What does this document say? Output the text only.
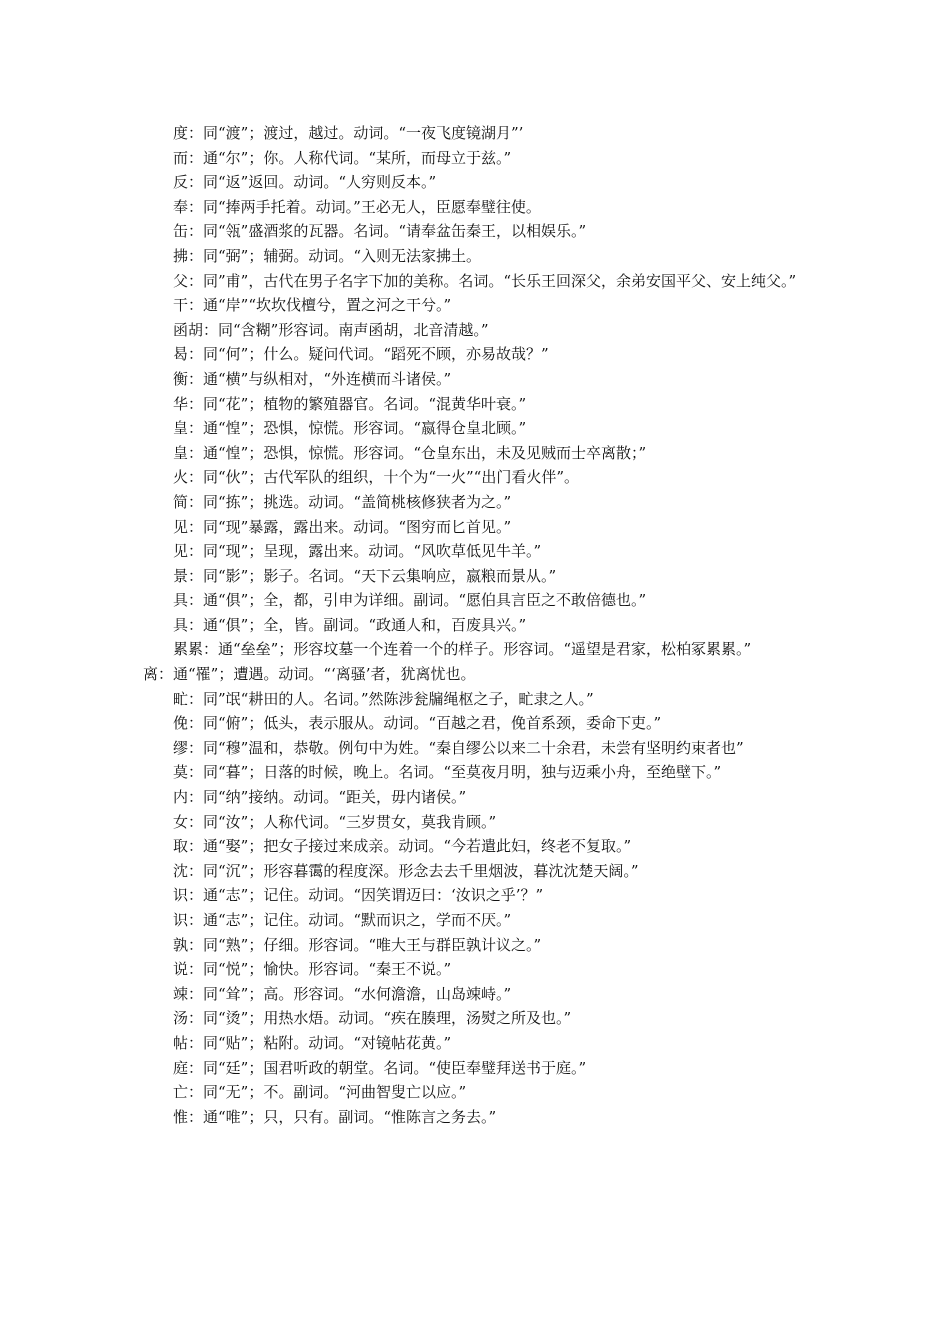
度：同“渡”；渡过，越过。动词。“一夜飞度镜湖月”’

而：通“尔”；你。人称代词。“某所，而母立于兹。”

反：同“返”返回。动词。“人穷则反本。”

奉：同“捧两手托着。动词。”王必无人，臣愿奉璧往使。

缶：同“瓴”盛酒浆的瓦器。名词。“请奉盆缶秦王，以相娱乐。”

拂：同“弼”；辅弼。动词。“入则无法家拂土。

父：同”甫”，古代在男子名字下加的美称。名词。“长乐王回深父，余弟安国平父、安上纯父。”

干：通“岸”“坎坎伐檀兮，置之河之干兮。”

函胡：同“含糊”形容词。南声函胡，北音清越。”

曷：同“何”；什么。疑问代词。“蹈死不顾，亦易故哉？”

衡：通“横”与纵相对，“外连横而斗诸侯。”

华：同“花”；植物的繁殖器官。名词。“混黄华叶衰。”

皇：通“惶”；恐惧，惊慌。形容词。“嬴得仓皇北顾。”

皇：通“惶”；恐惧，惊慌。形容词。“仓皇东出，未及见贼而士卒离散；”

火：同“伙”；古代军队的组织，十个为“一火”“出门看火伴”。

简：同“拣”；挑选。动词。“盖简桃核修狭者为之。”

见：同“现”暴露，露出来。动词。“图穷而匕首见。”

见：同“现”；呈现，露出来。动词。“风吹草低见牛羊。”

景：同“影”；影子。名词。“天下云集响应，嬴粮而景从。”

具：通“俱”；全，都，引申为详细。副词。“愿伯具言臣之不敢倍德也。”

具：通“俱”；全，皆。副词。“政通人和，百废具兴。”

累累：通“垒垒”；形容坟墓一个连着一个的样子。形容词。“遥望是君家，松柏冢累累。”

离：通“罹”；遭遇。动词。“‘离骚’者，犹离忧也。

甿：同”氓“耕田的人。名词。”然陈涉瓮牖绳枢之子，甿隶之人。”

俛：同“俯”；低头，表示服从。动词。“百越之君，俛首系颈，委命下吏。”

缪：同“穆”温和，恭敬。例句中为姓。“秦自缪公以来二十余君，未尝有坚明约束者也”

莫：同“暮”；日落的时候，晚上。名词。“至莫夜月明，独与迈乘小舟，至绝壁下。”

内：同“纳”接纳。动词。“距关，毋内诸侯。”

女：同“汝”；人称代词。“三岁贯女，莫我肯顾。”

取：通“娶”；把女子接过来成亲。动词。“今若遣此妇，终老不复取。”

沈：同“沉”；形容暮霭的程度深。形念去去千里烟波，暮沈沈楚天阔。”

识：通“志”；记住。动词。“因笑谓迈曰：‘汝识之乎’？”

识：通“志”；记住。动词。“默而识之，学而不厌。”

孰：同“熟”；仔细。形容词。“唯大王与群臣孰计议之。”

说：同“悦”；愉快。形容词。“秦王不说。”

竦：同“耸”；高。形容词。“水何澹澹，山岛竦峙。”

汤：同“烫”；用热水焐。动词。“疾在腠理，汤熨之所及也。”

帖：同“贴”；粘附。动词。“对镜帖花黄。”

庭：同“廷”；国君听政的朝堂。名词。“使臣奉璧拜送书于庭。”

亡：同“无”；不。副词。“河曲智叟亡以应。”

惟：通“唯”；只，只有。副词。“惟陈言之务去。”
